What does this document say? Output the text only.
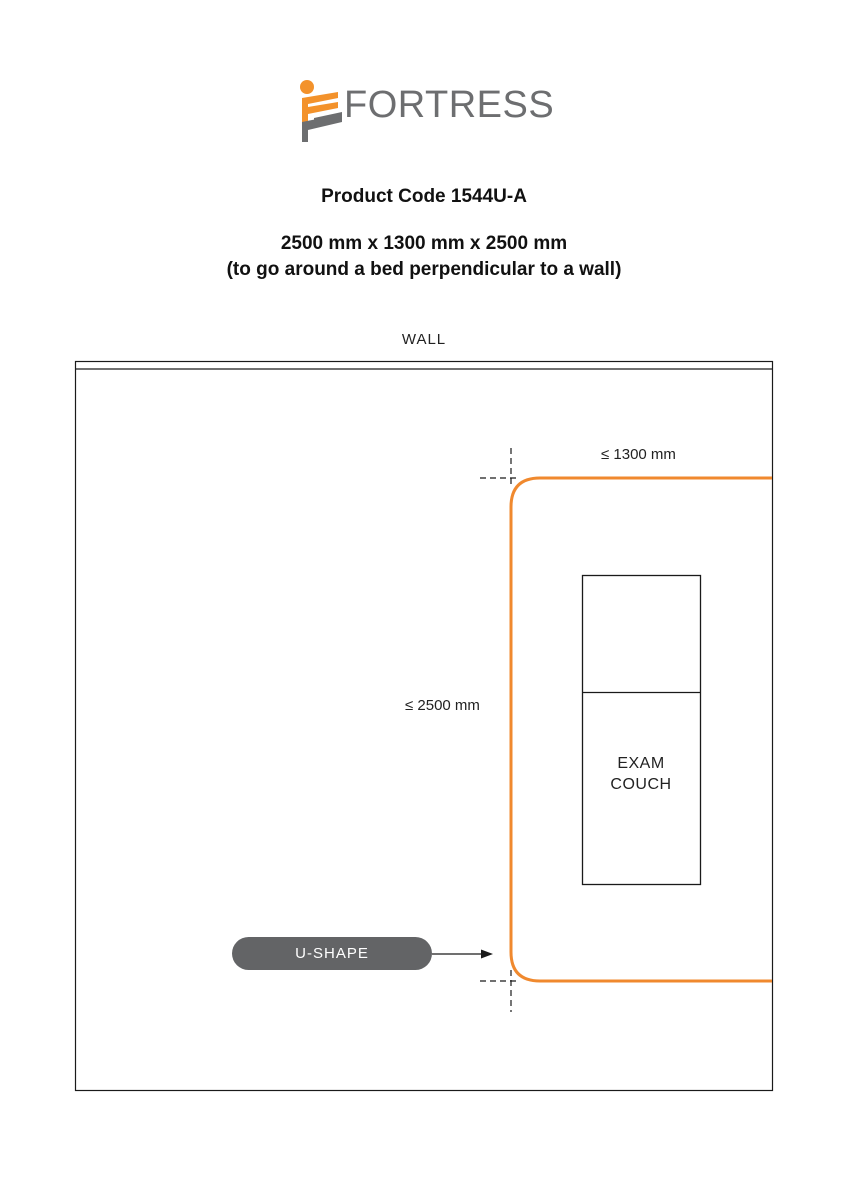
FORTRESS
Product Code 1544U-A
2500 mm x 1300 mm x 2500 mm
(to go around a bed perpendicular to a wall)
WALL
≤ 1300 mm
≤ 2500 mm
EXAM
COUCH
U-SHAPE
